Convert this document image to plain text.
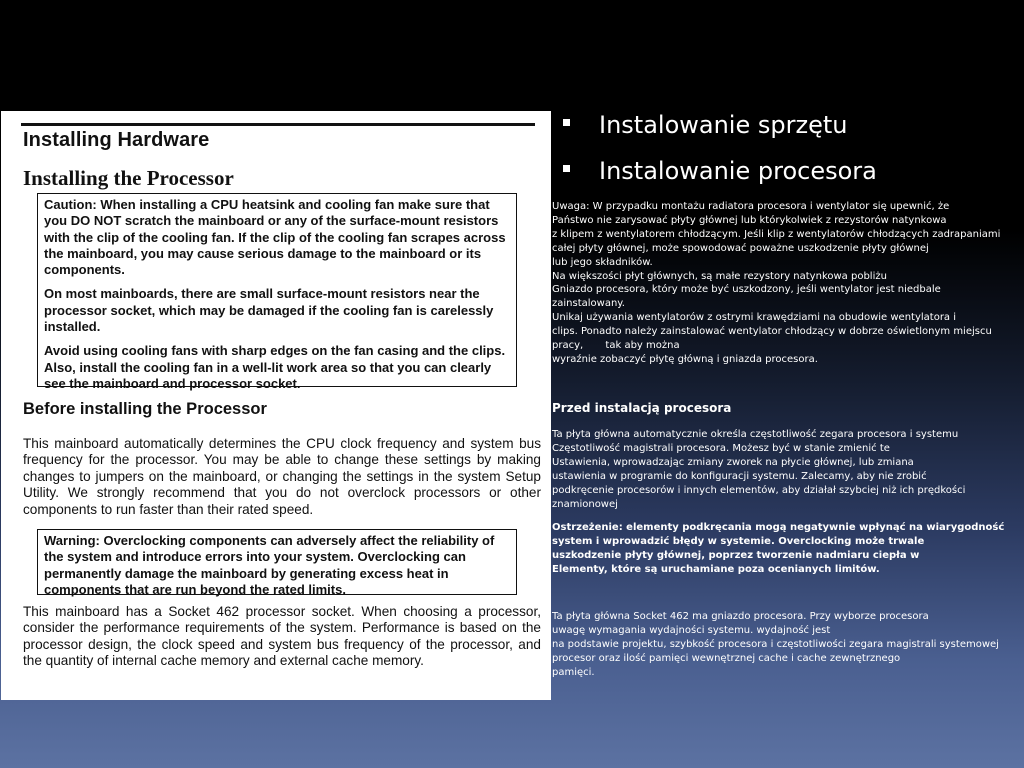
Installing Hardware
Installing the Processor

Caution: When installing a CPU heatsink and cooling fan make sure that you DO NOT scratch the mainboard or any of the surface-mount resistors with the clip of the cooling fan. If the clip of the cooling fan scrapes across the mainboard, you may cause serious damage to the mainboard or its components.

On most mainboards, there are small surface-mount resistors near the processor socket, which may be damaged if the cooling fan is carelessly installed.

Avoid using cooling fans with sharp edges on the fan casing and the clips. Also, install the cooling fan in a well-lit work area so that you can clearly see the mainboard and processor socket.

Before installing the Processor

This mainboard automatically determines the CPU clock frequency and system bus frequency for the processor. You may be able to change these settings by making changes to jumpers on the mainboard, or changing the settings in the system Setup Utility. We strongly recommend that you do not overclock processors or other components to run faster than their rated speed.

Warning: Overclocking components can adversely affect the reliability of the system and introduce errors into your system. Overclocking can permanently damage the mainboard by generating excess heat in components that are run beyond the rated limits.

This mainboard has a Socket 462 processor socket. When choosing a processor, consider the performance requirements of the system. Performance is based on the processor design, the clock speed and system bus frequency of the processor, and the quantity of internal cache memory and external cache memory.

Instalowanie sprzętu
Instalowanie procesora

Uwaga: W przypadku montażu radiatora procesora i wentylator się upewnić, że
Państwo nie zarysować płyty głównej lub którykolwiek z rezystorów natynkowa
z klipem z wentylatorem chłodzącym. Jeśli klip z wentylatorów chłodzących zadrapaniami
całej płyty głównej, może spowodować poważne uszkodzenie płyty głównej
lub jego składników.
Na większości płyt głównych, są małe rezystory natynkowa pobliżu
Gniazdo procesora, który może być uszkodzony, jeśli wentylator jest niedbale
zainstalowany.
Unikaj używania wentylatorów z ostrymi krawędziami na obudowie wentylatora i
clips. Ponadto należy zainstalować wentylator chłodzący w dobrze oświetlonym miejscu
pracy,       tak aby można
wyraźnie zobaczyć płytę główną i gniazda procesora.

Przed instalacją procesora

Ta płyta główna automatycznie określa częstotliwość zegara procesora i systemu
Częstotliwość magistrali procesora. Możesz być w stanie zmienić te
Ustawienia, wprowadzając zmiany zworek na płycie głównej, lub zmiana
ustawienia w programie do konfiguracji systemu. Zalecamy, aby nie zrobić
podkręcenie procesorów i innych elementów, aby działał szybciej niż ich prędkości
znamionowej

Ostrzeżenie: elementy podkręcania mogą negatywnie wpłynąć na wiarygodność
system i wprowadzić błędy w systemie. Overclocking może trwale
uszkodzenie płyty głównej, poprzez tworzenie nadmiaru ciepła w
Elementy, które są uruchamiane poza ocenianych limitów.

Ta płyta główna Socket 462 ma gniazdo procesora. Przy wyborze procesora
uwagę wymagania wydajności systemu. wydajność jest
na podstawie projektu, szybkość procesora i częstotliwości zegara magistrali systemowej
procesor oraz ilość pamięci wewnętrznej cache i cache zewnętrznego
pamięci.
